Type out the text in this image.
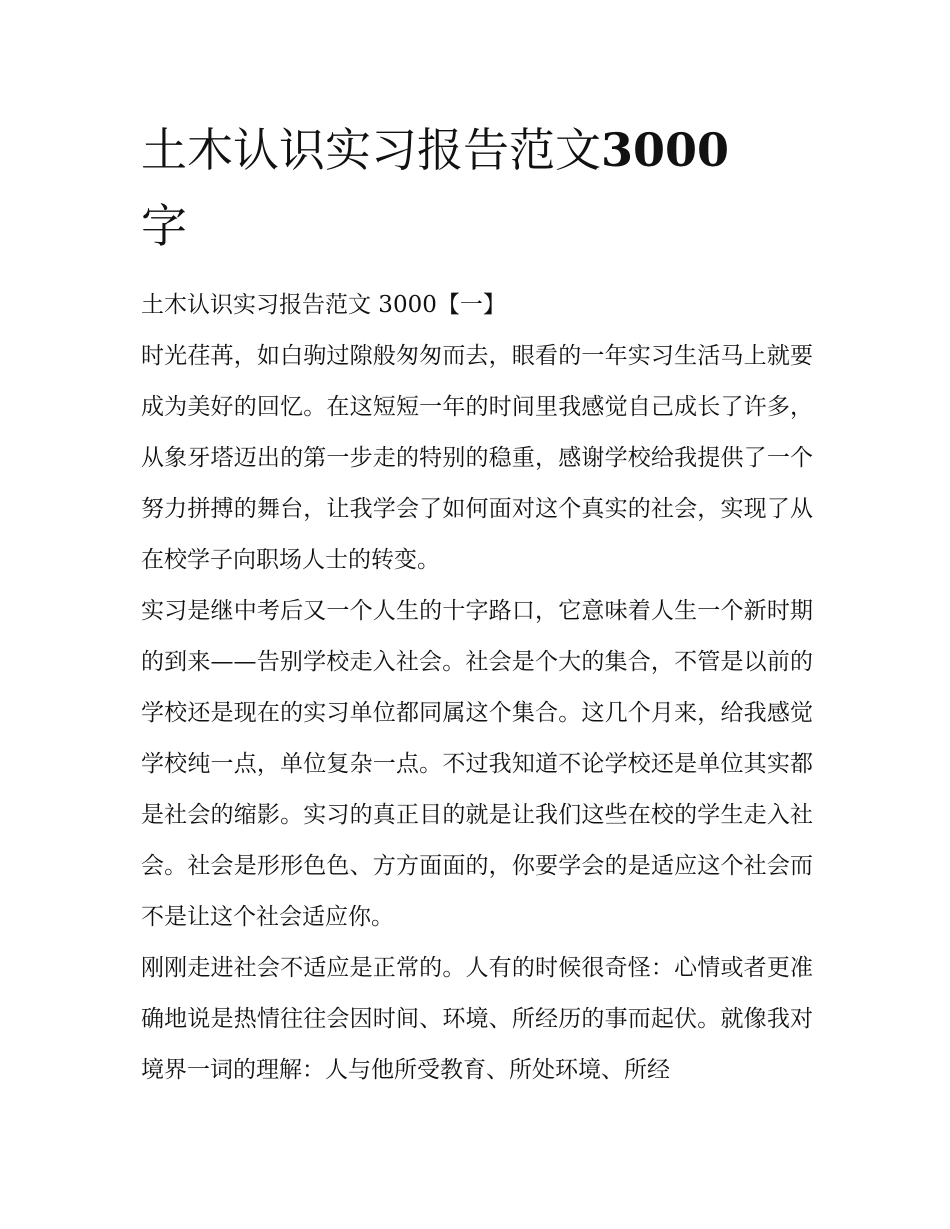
土木认识实习报告范文3000
字

土木认识实习报告范文 3000【一】

时光荏苒，如白驹过隙般匆匆而去，眼看的一年实习生活马上就要成为美好的回忆。在这短短一年的时间里我感觉自己成长了许多，从象牙塔迈出的第一步走的特别的稳重，感谢学校给我提供了一个努力拼搏的舞台，让我学会了如何面对这个真实的社会，实现了从在校学子向职场人士的转变。

实习是继中考后又一个人生的十字路口，它意味着人生一个新时期的到来——告别学校走入社会。社会是个大的集合，不管是以前的学校还是现在的实习单位都同属这个集合。这几个月来，给我感觉学校纯一点，单位复杂一点。不过我知道不论学校还是单位其实都是社会的缩影。实习的真正目的就是让我们这些在校的学生走入社会。社会是形形色色、方方面面的，你要学会的是适应这个社会而不是让这个社会适应你。

刚刚走进社会不适应是正常的。人有的时候很奇怪：心情或者更准确地说是热情往往会因时间、环境、所经历的事而起伏。就像我对境界一词的理解：人与他所受教育、所处环境、所经
